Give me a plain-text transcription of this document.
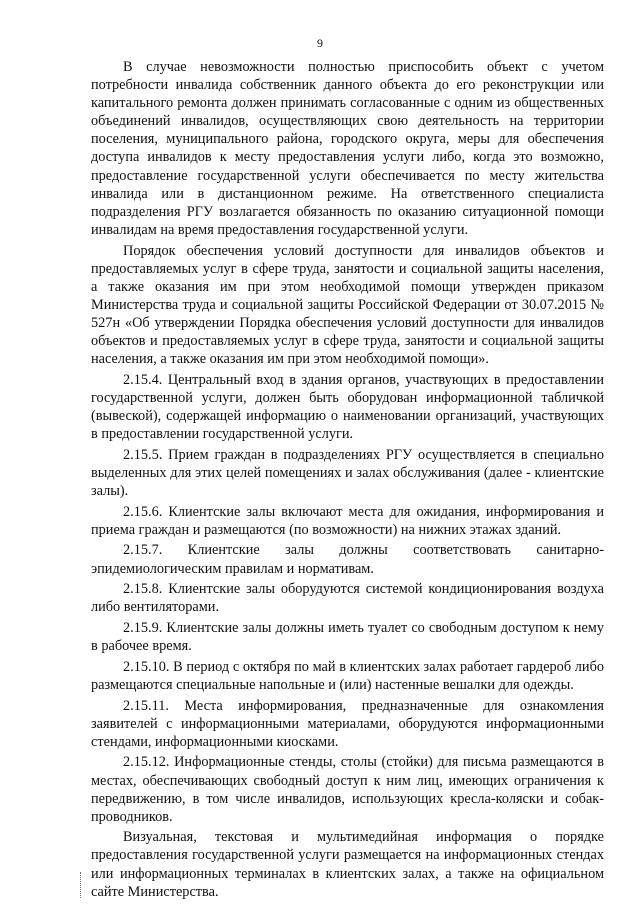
9

В случае невозможности полностью приспособить объект с учетом потребности инвалида собственник данного объекта до его реконструкции или капитального ремонта должен принимать согласованные с одним из общественных объединений инвалидов, осуществляющих свою деятельность на территории поселения, муниципального района, городского округа, меры для обеспечения доступа инвалидов к месту предоставления услуги либо, когда это возможно, предоставление государственной услуги обеспечивается по месту жительства инвалида или в дистанционном режиме. На ответственного специалиста подразделения РГУ возлагается обязанность по оказанию ситуационной помощи инвалидам на время предоставления государственной услуги.

Порядок обеспечения условий доступности для инвалидов объектов и предоставляемых услуг в сфере труда, занятости и социальной защиты населения, а также оказания им при этом необходимой помощи утвержден приказом Министерства труда и социальной защиты Российской Федерации от 30.07.2015 № 527н «Об утверждении Порядка обеспечения условий доступности для инвалидов объектов и предоставляемых услуг в сфере труда, занятости и социальной защиты населения, а также оказания им при этом необходимой помощи».

2.15.4. Центральный вход в здания органов, участвующих в предоставлении государственной услуги, должен быть оборудован информационной табличкой (вывеской), содержащей информацию о наименовании организаций, участвующих в предоставлении государственной услуги.

2.15.5. Прием граждан в подразделениях РГУ осуществляется в специально выделенных для этих целей помещениях и залах обслуживания (далее - клиентские залы).

2.15.6. Клиентские залы включают места для ожидания, информирования и приема граждан и размещаются (по возможности) на нижних этажах зданий.

2.15.7. Клиентские залы должны соответствовать санитарно-эпидемиологическим правилам и нормативам.

2.15.8. Клиентские залы оборудуются системой кондиционирования воздуха либо вентиляторами.

2.15.9. Клиентские залы должны иметь туалет со свободным доступом к нему в рабочее время.

2.15.10. В период с октября по май в клиентских залах работает гардероб либо размещаются специальные напольные и (или) настенные вешалки для одежды.

2.15.11. Места информирования, предназначенные для ознакомления заявителей с информационными материалами, оборудуются информационными стендами, информационными киосками.

2.15.12. Информационные стенды, столы (стойки) для письма размещаются в местах, обеспечивающих свободный доступ к ним лиц, имеющих ограничения к передвижению, в том числе инвалидов, использующих кресла-коляски и собак-проводников.

Визуальная, текстовая и мультимедийная информация о порядке предоставления государственной услуги размещается на информационных стендах или информационных терминалах в клиентских залах, а также на официальном сайте Министерства.
